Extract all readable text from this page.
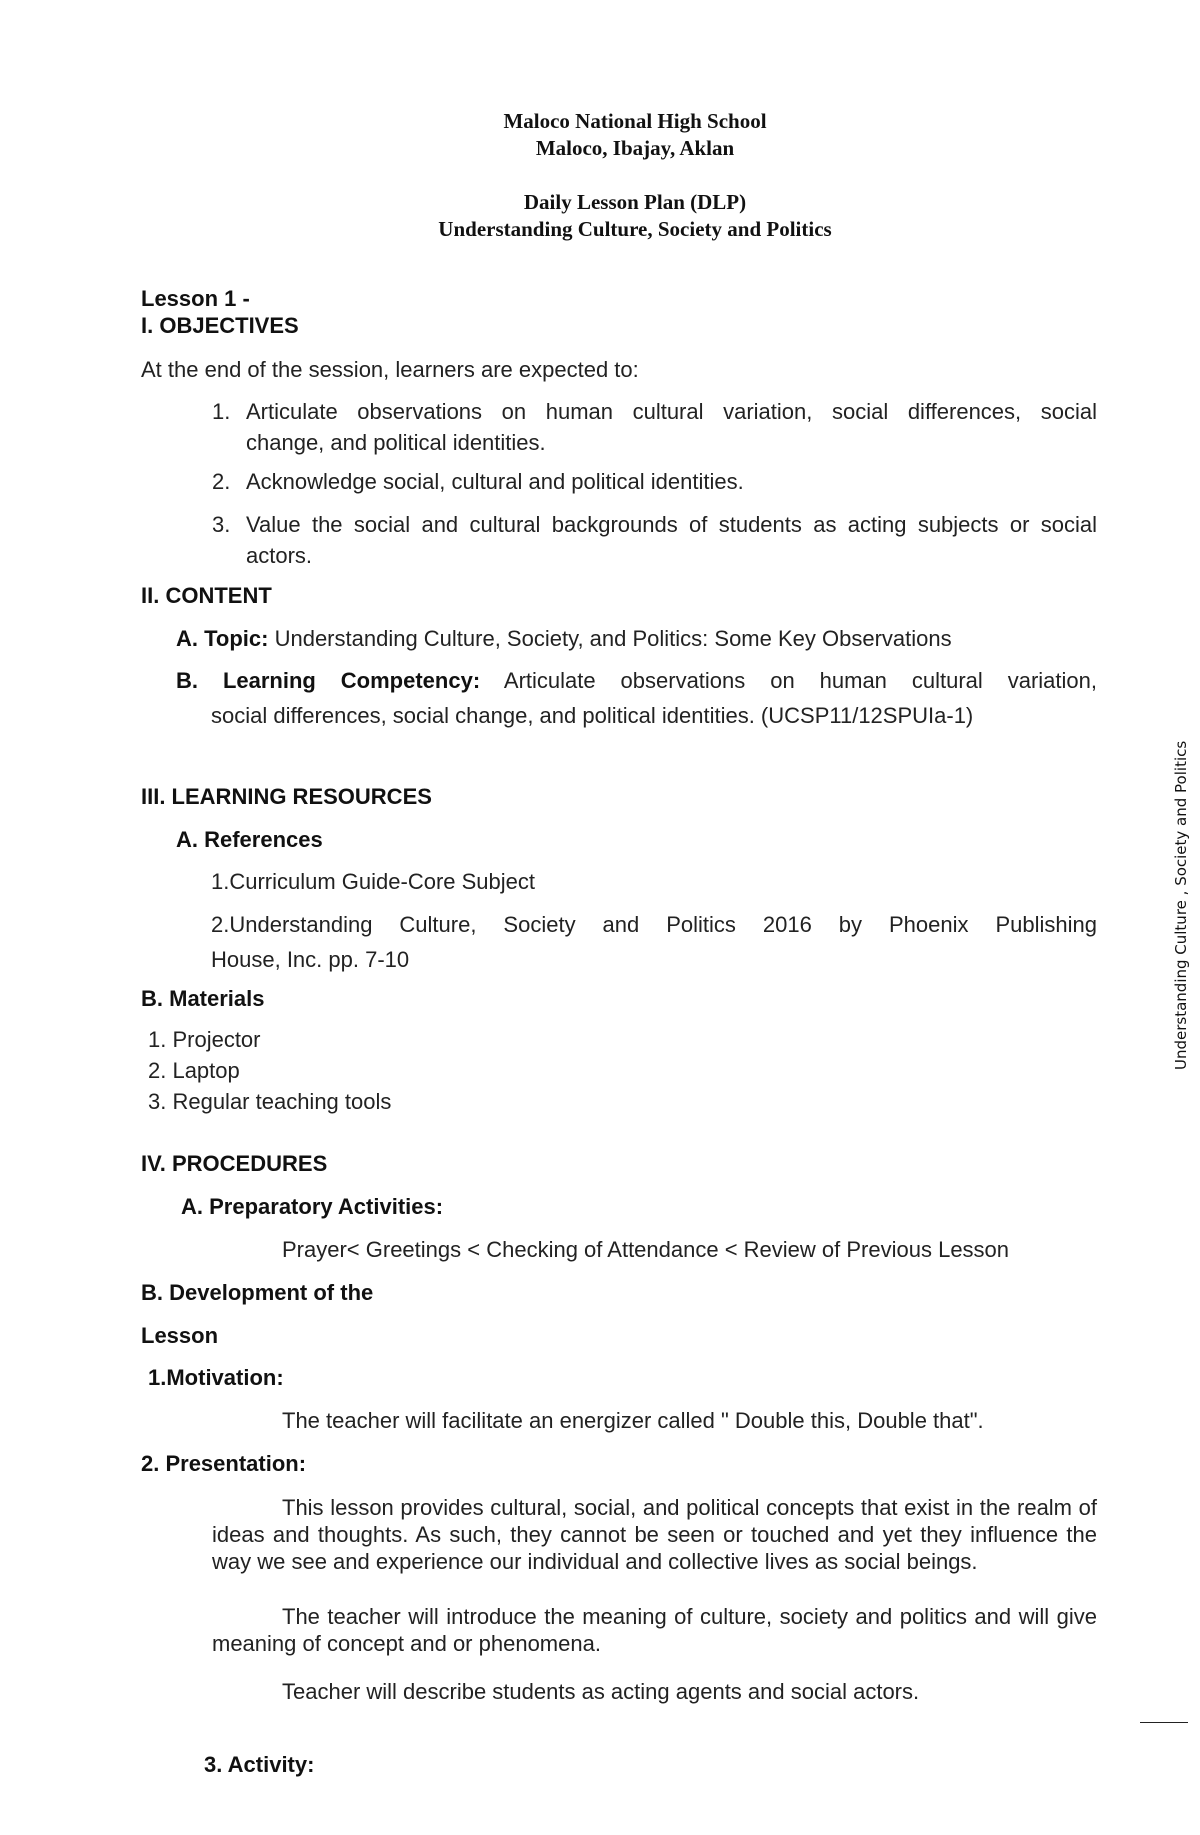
Maloco National High School
Maloco, Ibajay, Aklan
Daily Lesson Plan (DLP)
Understanding Culture, Society and Politics
Lesson 1 -
I. OBJECTIVES
At the end of the session, learners are expected to:
1. Articulate observations on human cultural variation, social differences, social
change, and political identities.
2. Acknowledge social, cultural and political identities.
3. Value the social and cultural backgrounds of students as acting subjects or social
actors.
II. CONTENT
A. Topic: Understanding Culture, Society, and Politics: Some Key Observations
B. Learning Competency: Articulate observations on human cultural variation,
social differences, social change, and political identities. (UCSP11/12SPUIa-1)
III. LEARNING RESOURCES
A. References
1.Curriculum Guide-Core Subject
2.Understanding Culture, Society and Politics 2016 by Phoenix Publishing
House, Inc. pp. 7-10
B. Materials
1. Projector
2. Laptop
3. Regular teaching tools
IV. PROCEDURES
A. Preparatory Activities:
Prayer< Greetings < Checking of Attendance < Review of Previous Lesson
B. Development of the
Lesson
1.Motivation:
The teacher will facilitate an energizer called " Double this, Double that".
2. Presentation:
This lesson provides cultural, social, and political concepts that exist in the realm of ideas and thoughts. As such, they cannot be seen or touched and yet they influence the way we see and experience our individual and collective lives as social beings.
The teacher will introduce the meaning of culture, society and politics and will give meaning of concept and or phenomena.
Teacher will describe students as acting agents and social actors.
3. Activity:
Understanding Culture , Society and Politics
